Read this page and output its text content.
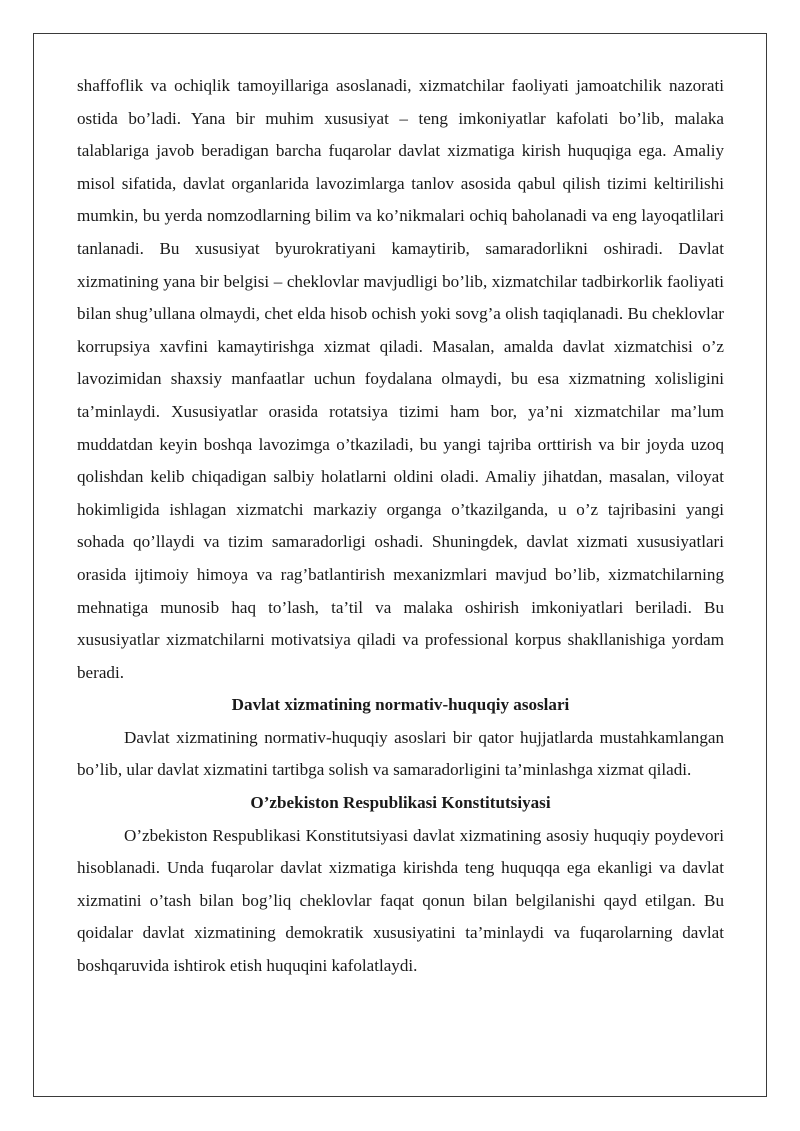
shaffoflik va ochiqlik tamoyillariga asoslanadi, xizmatchilar faoliyati jamoatchilik nazorati ostida bo’ladi. Yana bir muhim xususiyat – teng imkoniyatlar kafolati bo’lib, malaka talablariga javob beradigan barcha fuqarolar davlat xizmatiga kirish huquqiga ega. Amaliy misol sifatida, davlat organlarida lavozimlarga tanlov asosida qabul qilish tizimi keltirilishi mumkin, bu yerda nomzodlarning bilim va ko’nikmalari ochiq baholanadi va eng layoqatlilari tanlanadi. Bu xususiyat byurokratiyani kamaytirib, samaradorlikni oshiradi. Davlat xizmatining yana bir belgisi – cheklovlar mavjudligi bo’lib, xizmatchilar tadbirkorlik faoliyati bilan shug’ullana olmaydi, chet elda hisob ochish yoki sovg’a olish taqiqlanadi. Bu cheklovlar korrupsiya xavfini kamaytirishga xizmat qiladi. Masalan, amalda davlat xizmatchisi o’z lavozimidan shaxsiy manfaatlar uchun foydalana olmaydi, bu esa xizmatning xolisligini ta’minlaydi. Xususiyatlar orasida rotatsiya tizimi ham bor, ya’ni xizmatchilar ma’lum muddatdan keyin boshqa lavozimga o’tkaziladi, bu yangi tajriba orttirish va bir joyda uzoq qolishdan kelib chiqadigan salbiy holatlarni oldini oladi. Amaliy jihatdan, masalan, viloyat hokimligida ishlagan xizmatchi markaziy organga o’tkazilganda, u o’z tajribasini yangi sohada qo’llaydi va tizim samaradorligi oshadi. Shuningdek, davlat xizmati xususiyatlari orasida ijtimoiy himoya va rag’batlantirish mexanizmlari mavjud bo’lib, xizmatchilarning mehnatiga munosib haq to’lash, ta’til va malaka oshirish imkoniyatlari beriladi. Bu xususiyatlar xizmatchilarni motivatsiya qiladi va professional korpus shakllanishiga yordam beradi.

Davlat xizmatining normativ-huquqiy asoslari

Davlat xizmatining normativ-huquqiy asoslari bir qator hujjatlarda mustahkamlangan bo’lib, ular davlat xizmatini tartibga solish va samaradorligini ta’minlashga xizmat qiladi.

O’zbekiston Respublikasi Konstitutsiyasi

O’zbekiston Respublikasi Konstitutsiyasi davlat xizmatining asosiy huquqiy poydevori hisoblanadi. Unda fuqarolar davlat xizmatiga kirishda teng huquqqa ega ekanligi va davlat xizmatini o’tash bilan bog’liq cheklovlar faqat qonun bilan belgilanishi qayd etilgan. Bu qoidalar davlat xizmatining demokratik xususiyatini ta’minlaydi va fuqarolarning davlat boshqaruvida ishtirok etish huquqini kafolatlaydi.
